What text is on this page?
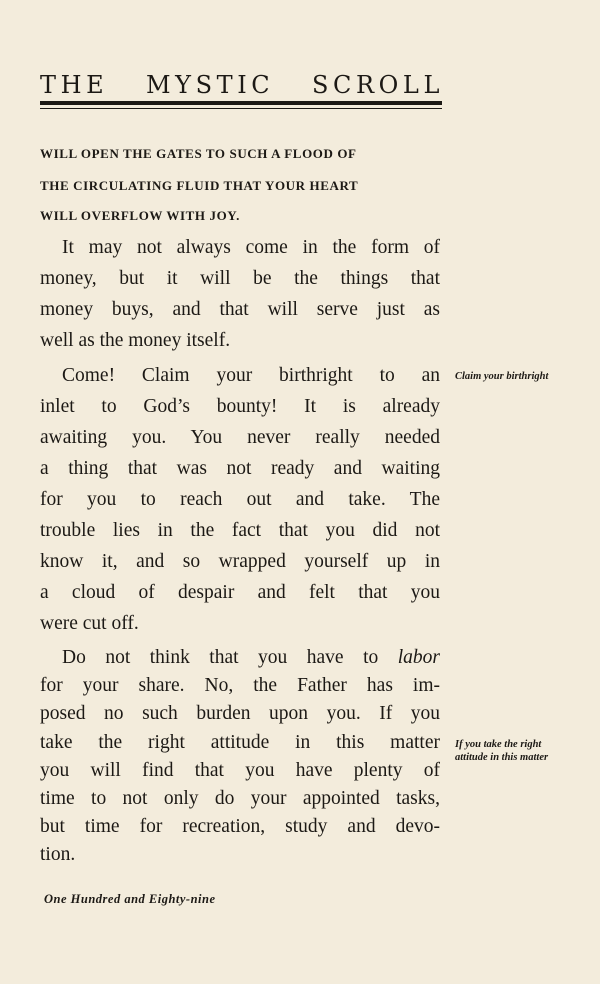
THE MYSTIC SCROLL
WILL OPEN THE GATES TO SUCH A FLOOD OF
THE CIRCULATING FLUID THAT YOUR HEART
WILL OVERFLOW WITH JOY.
It may not always come in the form of
money, but it will be the things that
money buys, and that will serve just as
well as the money itself.
Come! Claim your birthright to an
inlet to God’s bounty! It is already
awaiting you. You never really needed
a thing that was not ready and waiting
for you to reach out and take. The
trouble lies in the fact that you did not
know it, and so wrapped yourself up in
a cloud of despair and felt that you
were cut off.
Do not think that you have to labor
for your share. No, the Father has im-
posed no such burden upon you. If you
take the right attitude in this matter
you will find that you have plenty of
time to not only do your appointed tasks,
but time for recreation, study and devo-
tion.
Claim your birthright
If you take the right
attitude in this matter
One Hundred and Eighty-nine
